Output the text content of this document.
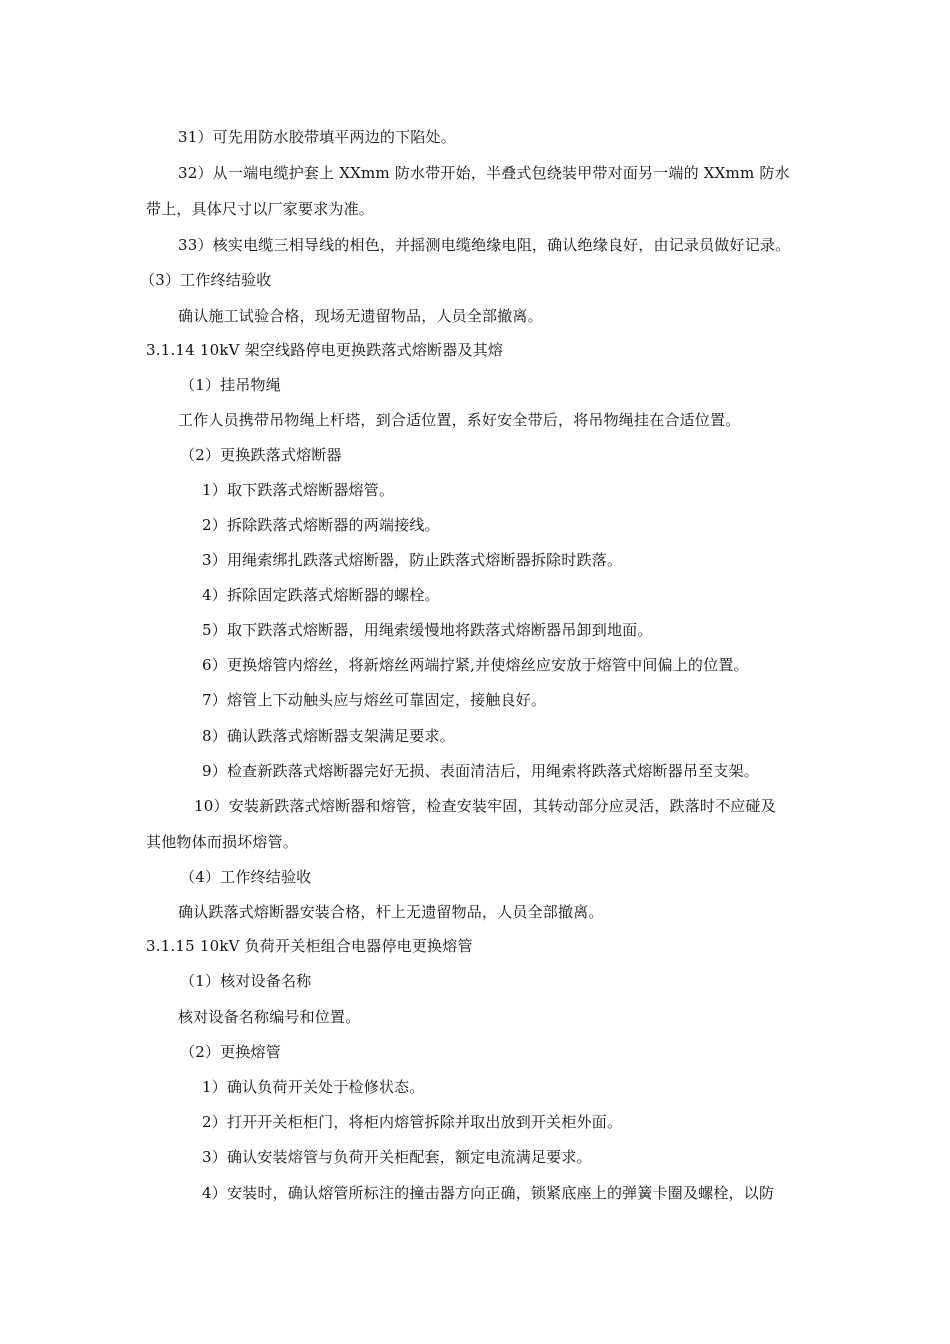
31）可先用防水胶带填平两边的下陷处。
32）从一端电缆护套上 XXmm 防水带开始，半叠式包绕装甲带对面另一端的 XXmm 防水
带上，具体尺寸以厂家要求为准。
33）核实电缆三相导线的相色，并摇测电缆绝缘电阻，确认绝缘良好，由记录员做好记录。
（3）工作终结验收
确认施工试验合格，现场无遗留物品，人员全部撤离。
3.1.14 10kV 架空线路停电更换跌落式熔断器及其熔
（1）挂吊物绳
工作人员携带吊物绳上杆塔，到合适位置，系好安全带后，将吊物绳挂在合适位置。
（2）更换跌落式熔断器
1）取下跌落式熔断器熔管。
2）拆除跌落式熔断器的两端接线。
3）用绳索绑扎跌落式熔断器，防止跌落式熔断器拆除时跌落。
4）拆除固定跌落式熔断器的螺栓。
5）取下跌落式熔断器，用绳索缓慢地将跌落式熔断器吊卸到地面。
6）更换熔管内熔丝，将新熔丝两端拧紧,并使熔丝应安放于熔管中间偏上的位置。
7）熔管上下动触头应与熔丝可靠固定，接触良好。
8）确认跌落式熔断器支架满足要求。
9）检查新跌落式熔断器完好无损、表面清洁后，用绳索将跌落式熔断器吊至支架。
10）安装新跌落式熔断器和熔管，检查安装牢固，其转动部分应灵活，跌落时不应碰及
其他物体而损坏熔管。
（4）工作终结验收
确认跌落式熔断器安装合格，杆上无遗留物品，人员全部撤离。
3.1.15 10kV 负荷开关柜组合电器停电更换熔管
（1）核对设备名称
核对设备名称编号和位置。
（2）更换熔管
1）确认负荷开关处于检修状态。
2）打开开关柜柜门，将柜内熔管拆除并取出放到开关柜外面。
3）确认安装熔管与负荷开关柜配套，额定电流满足要求。
4）安装时，确认熔管所标注的撞击器方向正确，锁紧底座上的弹簧卡圈及螺栓，以防
